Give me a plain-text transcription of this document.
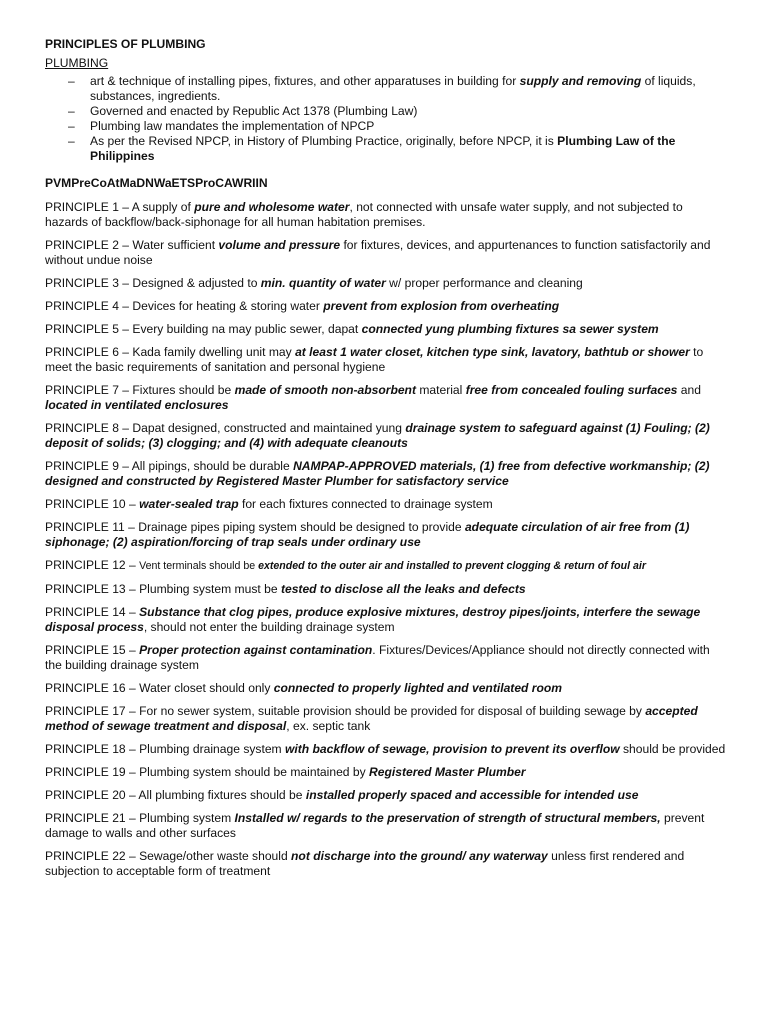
PRINCIPLES OF PLUMBING
PLUMBING
– art & technique of installing pipes, fixtures, and other apparatuses in building for supply and removing of liquids, substances, ingredients.
– Governed and enacted by Republic Act 1378 (Plumbing Law)
– Plumbing law mandates the implementation of NPCP
– As per the Revised NPCP, in History of Plumbing Practice, originally, before NPCP, it is Plumbing Law of the Philippines
PVMPreCoAtMaDNWaETSProCAWRIIN
PRINCIPLE 1 – A supply of pure and wholesome water, not connected with unsafe water supply, and not subjected to hazards of backflow/back-siphonage for all human habitation premises.
PRINCIPLE 2 – Water sufficient volume and pressure for fixtures, devices, and appurtenances to function satisfactorily and without undue noise
PRINCIPLE 3 – Designed & adjusted to min. quantity of water w/ proper performance and cleaning
PRINCIPLE 4 – Devices for heating & storing water prevent from explosion from overheating
PRINCIPLE 5 – Every building na may public sewer, dapat connected yung plumbing fixtures sa sewer system
PRINCIPLE 6 – Kada family dwelling unit may at least 1 water closet, kitchen type sink, lavatory, bathtub or shower to meet the basic requirements of sanitation and personal hygiene
PRINCIPLE 7 – Fixtures should be made of smooth non-absorbent material free from concealed fouling surfaces and located in ventilated enclosures
PRINCIPLE 8 – Dapat designed, constructed and maintained yung drainage system to safeguard against (1) Fouling; (2) deposit of solids; (3) clogging; and (4) with adequate cleanouts
PRINCIPLE 9 – All pipings, should be durable NAMPAP-APPROVED materials, (1) free from defective workmanship; (2) designed and constructed by Registered Master Plumber for satisfactory service
PRINCIPLE 10 – water-sealed trap for each fixtures connected to drainage system
PRINCIPLE 11 – Drainage pipes piping system should be designed to provide adequate circulation of air free from (1) siphonage; (2) aspiration/forcing of trap seals under ordinary use
PRINCIPLE 12 – Vent terminals should be extended to the outer air and installed to prevent clogging & return of foul air
PRINCIPLE 13 – Plumbing system must be tested to disclose all the leaks and defects
PRINCIPLE 14 – Substance that clog pipes, produce explosive mixtures, destroy pipes/joints, interfere the sewage disposal process, should not enter the building drainage system
PRINCIPLE 15 – Proper protection against contamination. Fixtures/Devices/Appliance should not directly connected with the building drainage system
PRINCIPLE 16 – Water closet should only connected to properly lighted and ventilated room
PRINCIPLE 17 – For no sewer system, suitable provision should be provided for disposal of building sewage by accepted method of sewage treatment and disposal, ex. septic tank
PRINCIPLE 18 – Plumbing drainage system with backflow of sewage, provision to prevent its overflow should be provided
PRINCIPLE 19 – Plumbing system should be maintained by Registered Master Plumber
PRINCIPLE 20 – All plumbing fixtures should be installed properly spaced and accessible for intended use
PRINCIPLE 21 – Plumbing system Installed w/ regards to the preservation of strength of structural members, prevent damage to walls and other surfaces
PRINCIPLE 22 – Sewage/other waste should not discharge into the ground/ any waterway unless first rendered and subjection to acceptable form of treatment
